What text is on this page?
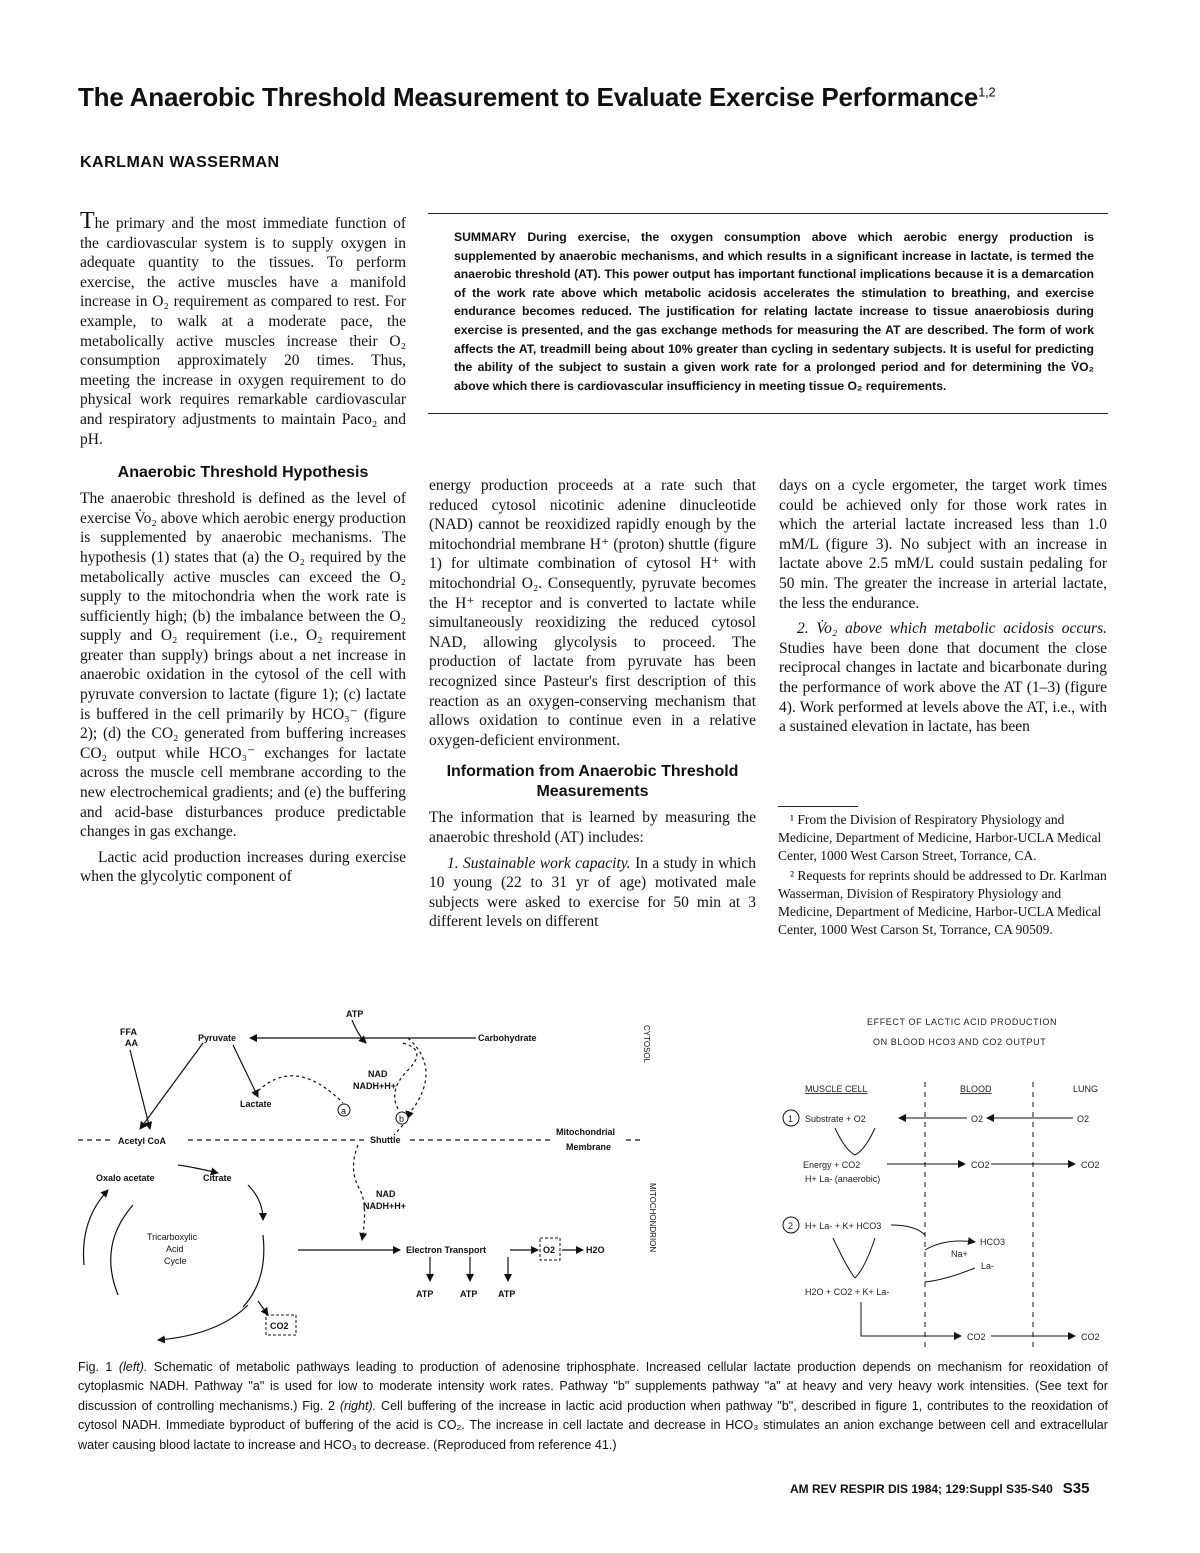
The Anaerobic Threshold Measurement to Evaluate Exercise Performance$^{1,2}$
KARLMAN WASSERMAN

SUMMARY During exercise, the oxygen consumption above which aerobic energy production is supplemented by anaerobic mechanisms, and which results in a significant increase in lactate, is termed the anaerobic threshold (AT). This power output has important functional implications because it is a demarcation of the work rate above which metabolic acidosis accelerates the stimulation to breathing, and exercise endurance becomes reduced. The justification for relating lactate increase to tissue anaerobiosis during exercise is presented, and the gas exchange methods for measuring the AT are described. The form of work affects the AT, treadmill being about 10% greater than cycling in sedentary subjects. It is useful for predicting the ability of the subject to sustain a given work rate for a prolonged period and for determining the V̇O₂ above which there is cardiovascular insufficiency in meeting tissue O₂ requirements.

The primary and the most immediate function of the cardiovascular system is to supply oxygen in adequate quantity to the tissues. To perform exercise, the active muscles have a manifold increase in O₂ requirement as compared to rest. For example, to walk at a moderate pace, the metabolically active muscles increase their O₂ consumption approximately 20 times. Thus, meeting the increase in oxygen requirement to do physical work requires remarkable cardiovascular and respiratory adjustments to maintain Paco₂ and pH.

Anaerobic Threshold Hypothesis

The anaerobic threshold is defined as the level of exercise V̇o₂ above which aerobic energy production is supplemented by anaerobic mechanisms. The hypothesis (1) states that (a) the O₂ required by the metabolically active muscles can exceed the O₂ supply to the mitochondria when the work rate is sufficiently high; (b) the imbalance between the O₂ supply and O₂ requirement (i.e., O₂ requirement greater than supply) brings about a net increase in anaerobic oxidation in the cytosol of the cell with pyruvate conversion to lactate (figure 1); (c) lactate is buffered in the cell primarily by HCO₃⁻ (figure 2); (d) the CO₂ generated from buffering increases CO₂ output while HCO₃⁻ exchanges for lactate across the muscle cell membrane according to the new electrochemical gradients; and (e) the buffering and acid-base disturbances produce predictable changes in gas exchange.

Lactic acid production increases during exercise when the glycolytic component of

energy production proceeds at a rate such that reduced cytosol nicotinic adenine dinucleotide (NAD) cannot be reoxidized rapidly enough by the mitochondrial membrane H⁺ (proton) shuttle (figure 1) for ultimate combination of cytosol H⁺ with mitochondrial O₂. Consequently, pyruvate becomes the H⁺ receptor and is converted to lactate while simultaneously reoxidizing the reduced cytosol NAD, allowing glycolysis to proceed. The production of lactate from pyruvate has been recognized since Pasteur's first description of this reaction as an oxygen-conserving mechanism that allows oxidation to continue even in a relative oxygen-deficient environment.

Information from Anaerobic Threshold Measurements

The information that is learned by measuring the anaerobic threshold (AT) includes:

1. Sustainable work capacity. In a study in which 10 young (22 to 31 yr of age) motivated male subjects were asked to exercise for 50 min at 3 different levels on different

days on a cycle ergometer, the target work times could be achieved only for those work rates in which the arterial lactate increased less than 1.0 mM/L (figure 3). No subject with an increase in lactate above 2.5 mM/L could sustain pedaling for 50 min. The greater the increase in arterial lactate, the less the endurance.

2. V̇o₂ above which metabolic acidosis occurs. Studies have been done that document the close reciprocal changes in lactate and bicarbonate during the performance of work above the AT (1–3) (figure 4). Work performed at levels above the AT, i.e., with a sustained elevation in lactate, has been

¹ From the Division of Respiratory Physiology and Medicine, Department of Medicine, Harbor-UCLA Medical Center, 1000 West Carson Street, Torrance, CA.

² Requests for reprints should be addressed to Dr. Karlman Wasserman, Division of Respiratory Physiology and Medicine, Department of Medicine, Harbor-UCLA Medical Center, 1000 West Carson St, Torrance, CA 90509.

FFA
AA	Pyruvate
ATP
Carbohydrate	CYTOSOL
NAD
NADH+H+
Lactate
a
b
Acetyl CoA	Shuttle
Mitochondrial
Membrane
Oxalo acetate	Citrate
NAD
NADH+H+	MITOCHONDRION
Tricarboxylic
Acid
Cycle
Electron Transport	O2	H2O
ATP	ATP ATP
CO2
EFFECT OF LACTIC ACID PRODUCTION
ON BLOOD HCO3 AND CO2 OUTPUT
MUSCLE CELL	BLOOD	LUNG
1 Substrate + O2	O2	O2
Energy + CO2
H+ La- (anaerobic)
CO2	CO2
2 H+ La- + K+ HCO3
HCO3
Na+
La-
H2O + CO2 + K+ La-
CO2	CO2
Fig. 1 (left). Schematic of metabolic pathways leading to production of adenosine triphosphate. Increased cellular lactate production depends on mechanism for reoxidation of cytoplasmic NADH. Pathway "a" is used for low to moderate intensity work rates. Pathway "b" supplements pathway "a" at heavy and very heavy work intensities. (See text for discussion of controlling mechanisms.) Fig. 2 (right). Cell buffering of the increase in lactic acid production when pathway "b", described in figure 1, contributes to the reoxidation of cytosol NADH. Immediate byproduct of buffering of the acid is CO₂. The increase in cell lactate and decrease in HCO₃ stimulates an anion exchange between cell and extracellular water causing blood lactate to increase and HCO₃ to decrease. (Reproduced from reference 41.)
AM REV RESPIR DIS 1984; 129:Suppl S35-S40 S35
